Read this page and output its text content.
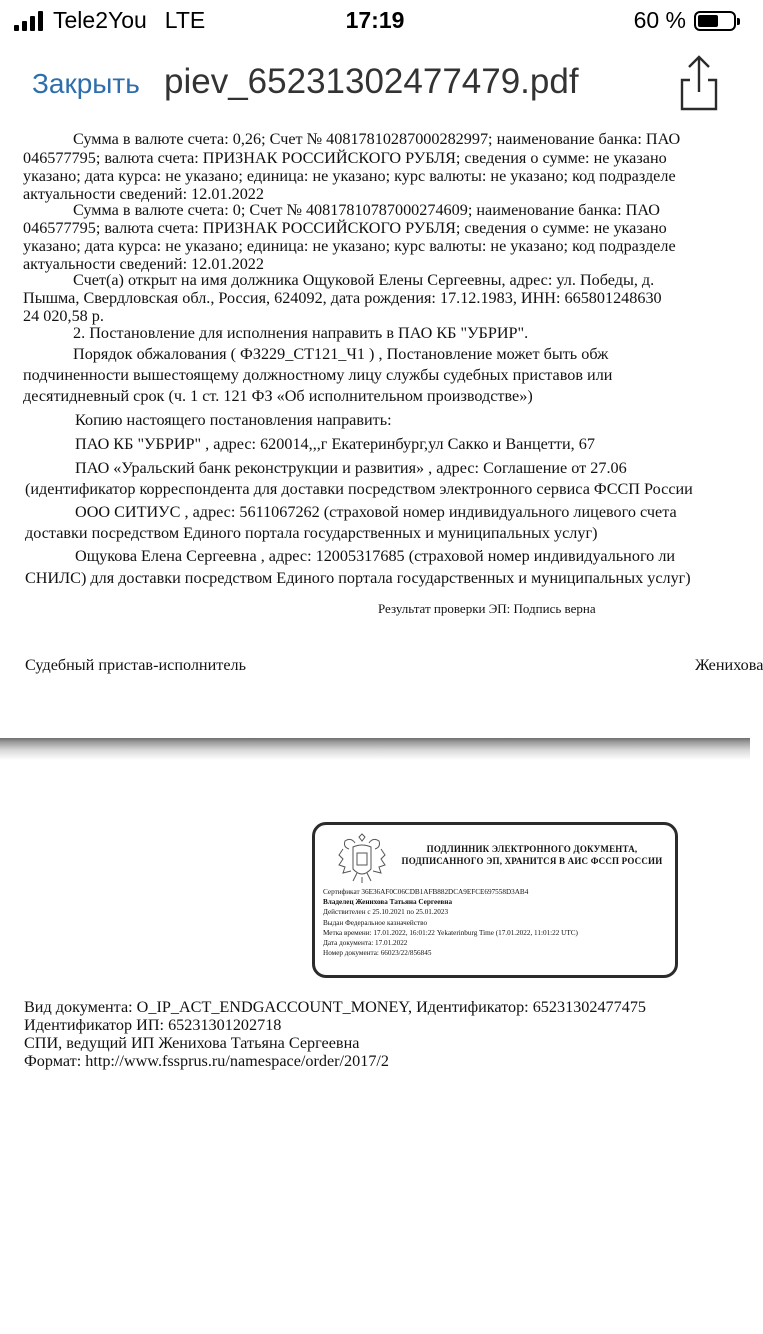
Tele2You LTE	17:19	60 %
Закрыть piev_65231302477479.pdf
Сумма в валюте счета: 0,26; Счет № 40817810287000282997; наименование банка: ПАО
046577795; валюта счета: ПРИЗНАК РОССИЙСКОГО РУБЛЯ; сведения о сумме: не указано
указано; дата курса: не указано; единица: не указано; курс валюты: не указано; код подразделе
актуальности сведений: 12.01.2022
Сумма в валюте счета: 0; Счет № 40817810787000274609; наименование банка: ПАО
046577795; валюта счета: ПРИЗНАК РОССИЙСКОГО РУБЛЯ; сведения о сумме: не указано
указано; дата курса: не указано; единица: не указано; курс валюты: не указано; код подразделе
актуальности сведений: 12.01.2022
Счет(а) открыт на имя должника Ощуковой Елены Сергеевны, адрес: ул. Победы, д.
Пышма, Свердловская обл., Россия, 624092, дата рождения: 17.12.1983, ИНН: 665801248630
24 020,58 р.
2. Постановление для исполнения направить в ПАО КБ "УБРИР".
Порядок обжалования ( ФЗ229_СТ121_Ч1 ) , Постановление может быть обж
подчиненности вышестоящему должностному лицу службы судебных приставов или
десятидневный срок (ч. 1 ст. 121 ФЗ «Об исполнительном производстве»)
Копию настоящего постановления направить:
ПАО КБ "УБРИР" , адрес: 620014,,,г Екатеринбург,ул Сакко и Ванцетти, 67
ПАО «Уральский банк реконструкции и развития» , адрес: Соглашение от 27.06
(идентификатор корреспондента для доставки посредством электронного сервиса ФССП России
ООО СИТИУС , адрес: 5611067262 (страховой номер индивидуального лицевого счета
доставки посредством Единого портала государственных и муниципальных услуг)
Ощукова Елена Сергеевна , адрес: 12005317685 (страховой номер индивидуального ли
СНИЛС) для доставки посредством Единого портала государственных и муниципальных услуг)
Результат проверки ЭП: Подпись верна
Судебный пристав-исполнитель	Женихова
ПОДЛИННИК ЭЛЕКТРОННОГО ДОКУМЕНТА,
ПОДПИСАННОГО ЭП, ХРАНИТСЯ В АИС ФССП РОССИИ
Сертификат 36E36AF0C06CDB1AFB882DCA9EFCE697558D3AB4
Владелец Женихова Татьяна Сергеевна
Действителен с 25.10.2021 по 25.01.2023
Выдан Федеральное казначейство
Метка времени: 17.01.2022, 16:01:22 Yekaterinburg Time (17.01.2022, 11:01:22 UTC)
Дата документа: 17.01.2022
Номер документа: 66023/22/856845
Вид документа: O_IP_ACT_ENDGACCOUNT_MONEY, Идентификатор: 65231302477475
Идентификатор ИП: 65231301202718
СПИ, ведущий ИП Женихова Татьяна Сергеевна
Формат: http://www.fssprus.ru/namespace/order/2017/2
